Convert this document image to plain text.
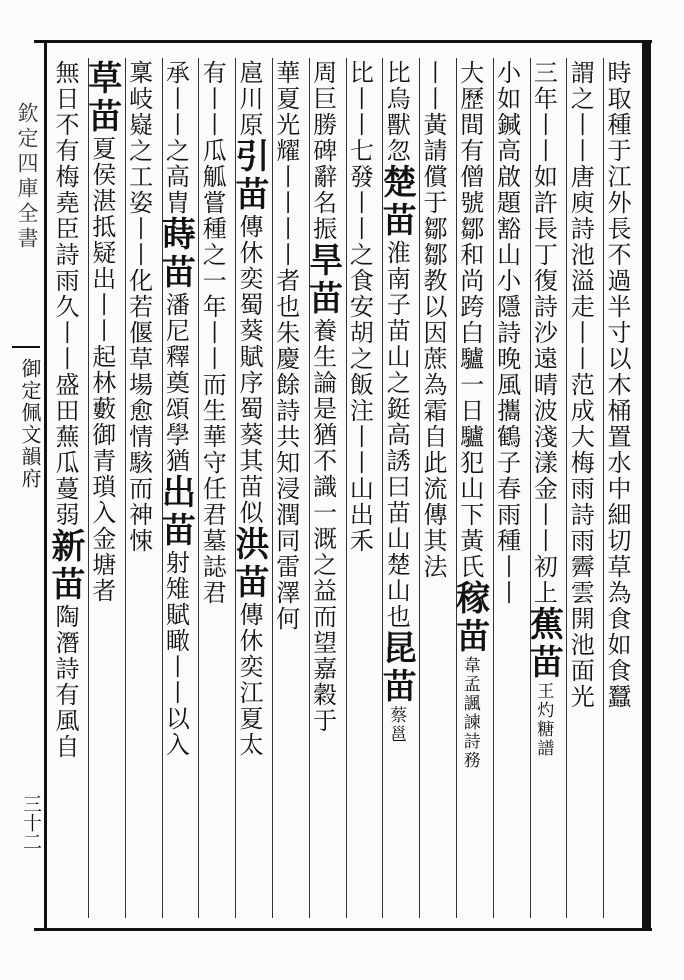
欽定四庫全書
御定佩文韻府
三十二
時取種于江外長不過半寸以木桶置水中細切草為食如食蠶
謂之丨丨唐庾詩池溢走丨丨范成大梅雨詩雨霽雲開池面光
三年丨丨如許長丁復詩沙遠晴波淺漾金丨丨初上蕉苗王灼糖譜
小如鍼高啟題豁山小隱詩晚風攜鶴子春雨種丨丨
大歷間有僧號鄒和尚跨白驢一日驢犯山下黃氏稼苗韋孟諷諫詩務
丨丨黃請償于鄒鄒教以因蔗為霜自此流傳其法
比烏獸忽楚苗淮南子苗山之鋌高誘曰苗山楚山也昆苗蔡邕
比丨丨七發丨丨之食安胡之飯注丨丨山出禾
周巨勝碑辭名振旱苗養生論是猶不識一溉之益而望嘉穀于
華夏光耀丨丨丨丨者也朱慶餘詩共知浸潤同雷澤何
扈川原引苗傳休奕蜀葵賦序蜀葵其苗似洪苗傳休奕江夏太
有丨丨瓜觚嘗種之一年丨丨而生華守任君墓誌君
承丨丨之高胄蒔苗潘尼釋奠頌學猶出苗射雉賦瞰丨丨以入
稟岐嶷之工姿丨丨化若偃草場愈情駭而神悚
草苗夏侯湛抵疑出丨丨起林藪御青瑣入金塘者
無日不有梅堯臣詩雨久丨丨盛田蕪瓜蔓弱新苗陶潛詩有風自
